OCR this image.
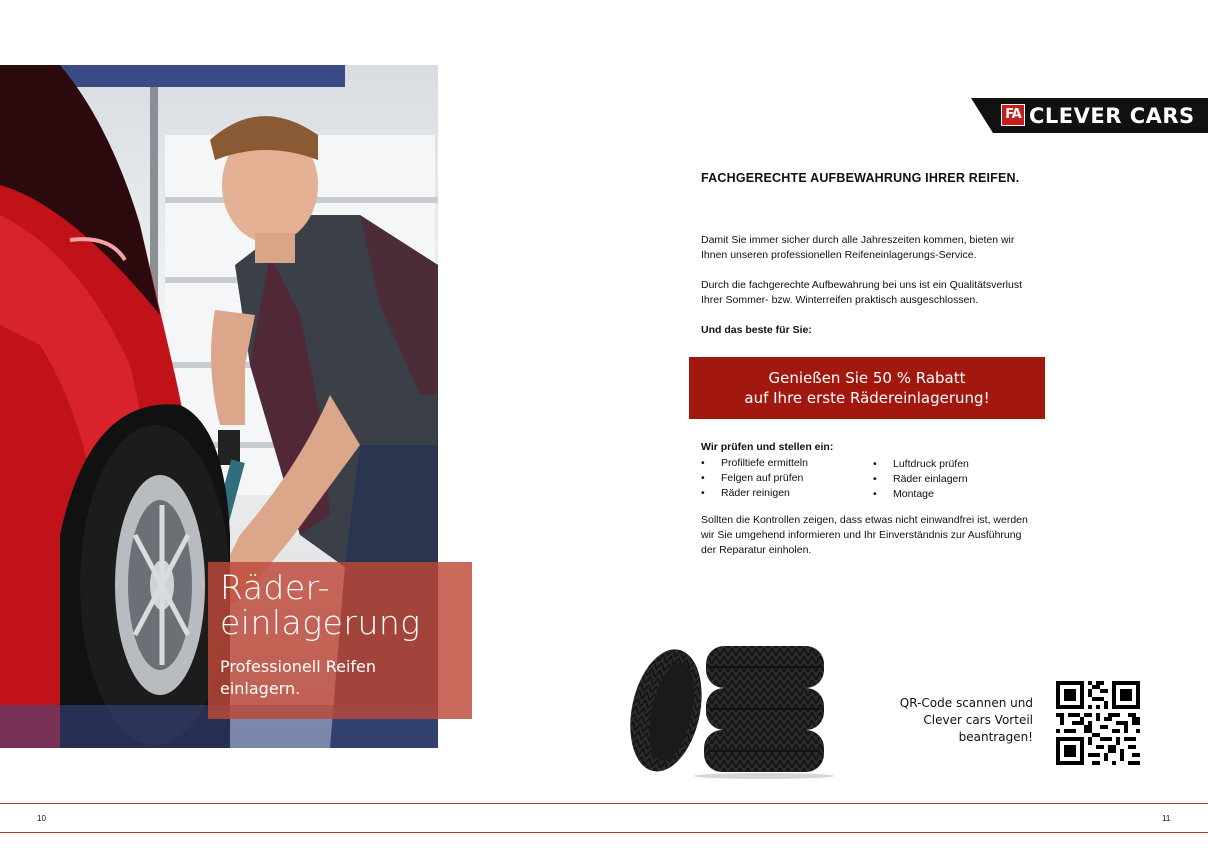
Räder-
einlagerung
Professionell Reifen
einlagern.
FA CLEVER CARS
FACHGERECHTE AUFBEWAHRUNG IHRER REIFEN.
Damit Sie immer sicher durch alle Jahreszeiten kommen, bieten wir
Ihnen unseren professionellen Reifeneinlagerungs-Service.
Durch die fachgerechte Aufbewahrung bei uns ist ein Qualitätsverlust
Ihrer Sommer- bzw. Winterreifen praktisch ausgeschlossen.
Und das beste für Sie:
Genießen Sie 50 % Rabatt
auf Ihre erste Rädereinlagerung!
Wir prüfen und stellen ein:
• Profiltiefe ermitteln
• Felgen auf prüfen
• Räder reinigen
• Luftdruck prüfen
• Räder einlagern
• Montage
Sollten die Kontrollen zeigen, dass etwas nicht einwandfrei ist, werden
wir Sie umgehend informieren und Ihr Einverständnis zur Ausführung
der Reparatur einholen.
QR-Code scannen und
Clever cars Vorteil
beantragen!
10	11
